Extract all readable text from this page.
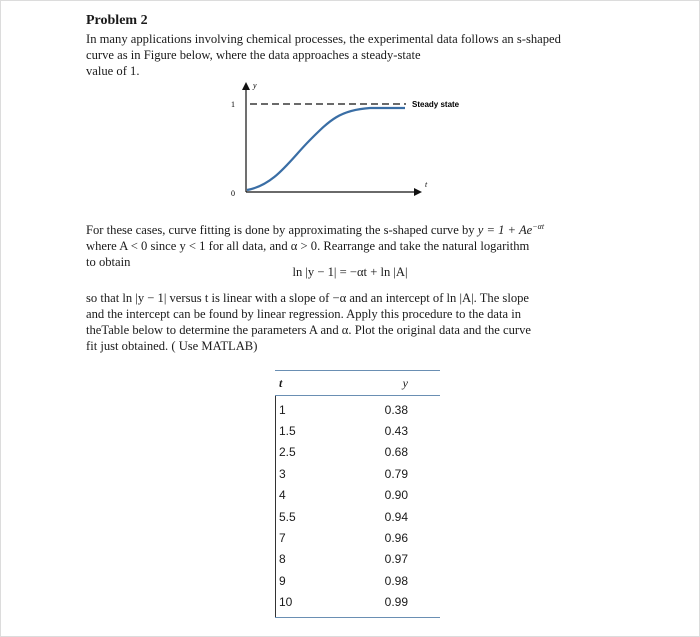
Problem 2
In many applications involving chemical processes, the experimental data follows an s-shaped
curve as in Figure below, where the data approaches a steady-state
value of 1.
y
t
1
0
Steady state
For these cases, curve fitting is done by approximating the s-shaped curve by $y = 1 + Ae^{-\alpha t}$
where A < 0 since y < 1 for all data, and α > 0. Rearrange and take the natural logarithm
to obtain
ln |y − 1| = −αt + ln |A|
so that ln |y − 1| versus t is linear with a slope of −α and an intercept of ln |A|. The slope
and the intercept can be found by linear regression. Apply this procedure to the data in
theTable below to determine the parameters A and α. Plot the original data and the curve
fit just obtained. ( Use MATLAB)
t	y
1	0.38
1.5	0.43
2.5	0.68
3	0.79
4	0.90
5.5	0.94
7	0.96
8	0.97
9	0.98
10	0.99
